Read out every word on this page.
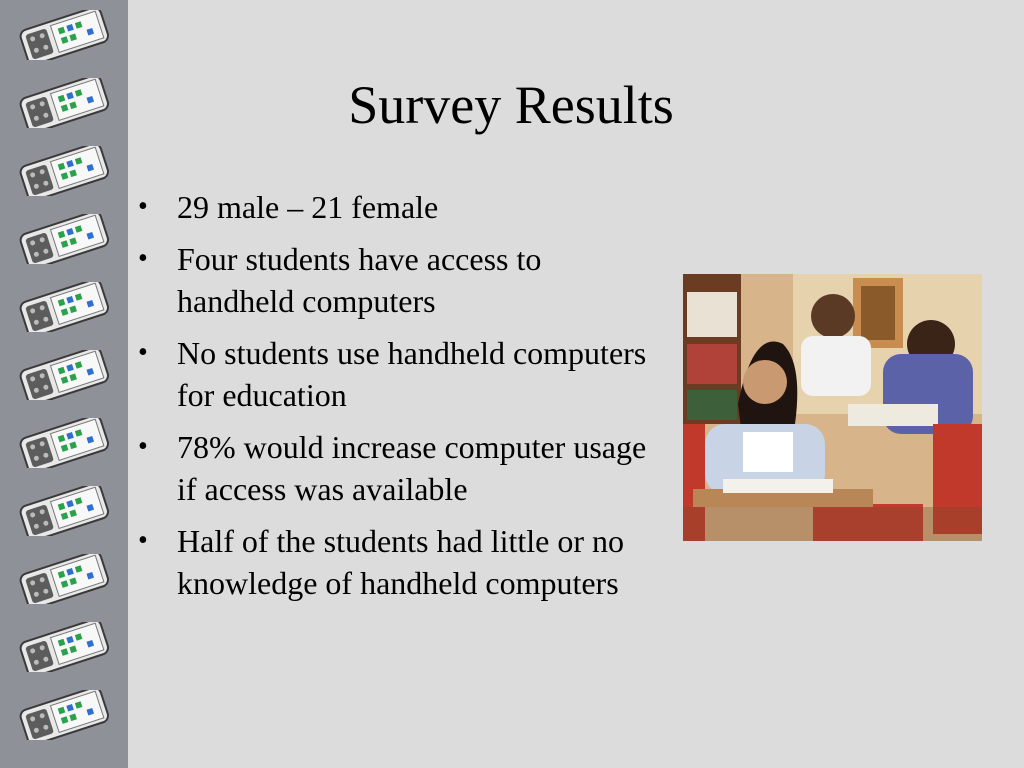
Survey Results
• 29 male – 21 female
• Four students have access to handheld computers
• No students use handheld computers for education
• 78% would increase computer usage if access was available
• Half of the students had little or no knowledge of handheld computers
